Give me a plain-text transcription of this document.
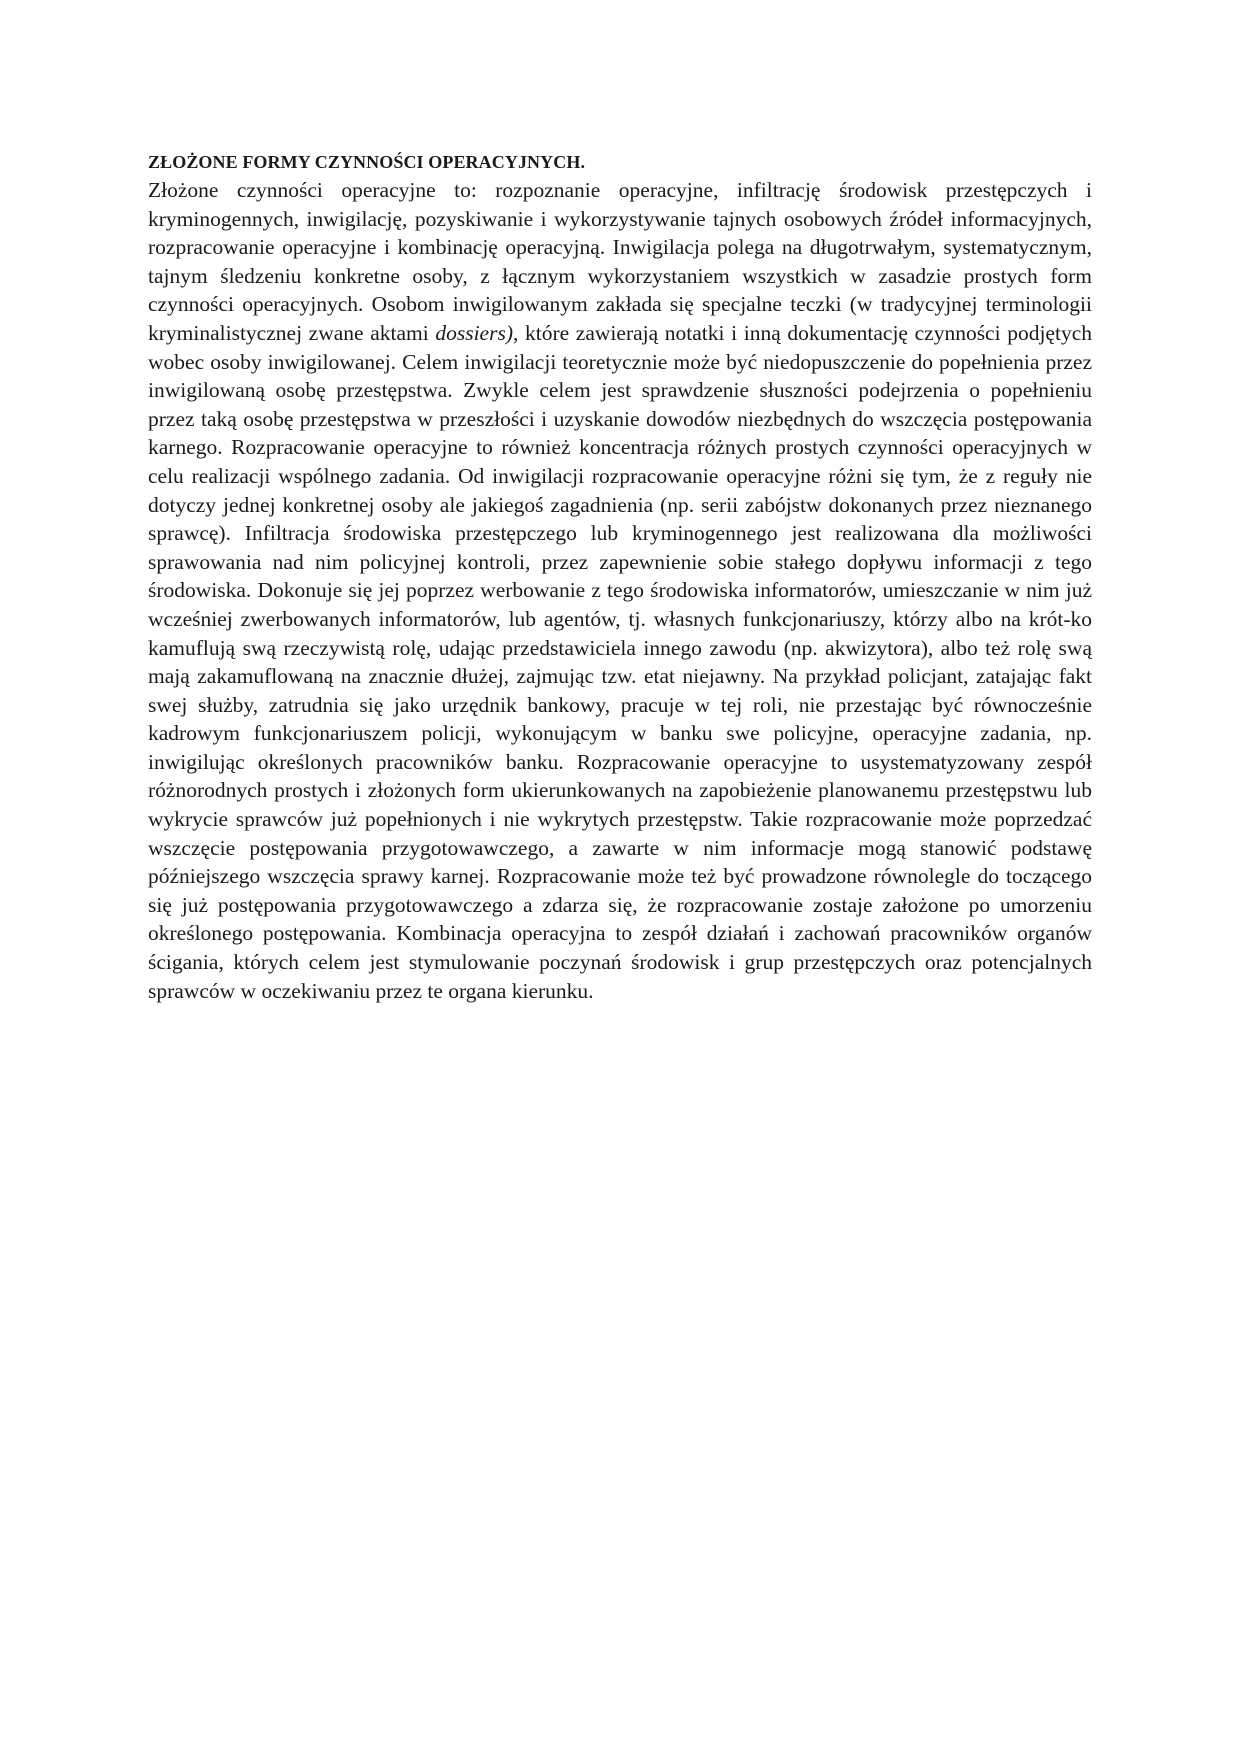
ZŁOŻONE FORMY CZYNNOŚCI OPERACYJNYCH.

Złożone czynności operacyjne to: rozpoznanie operacyjne, infiltrację środowisk przestępczych i kryminogennych, inwigilację, pozyskiwanie i wykorzystywanie tajnych osobowych źródeł informacyjnych, rozpracowanie operacyjne i kombinację operacyjną. Inwigilacja polega na długotrwałym, systematycznym, tajnym śledzeniu konkretne osoby, z łącznym wykorzystaniem wszystkich w zasadzie prostych form czynności operacyjnych. Osobom inwigilowanym zakłada się specjalne teczki (w tradycyjnej terminologii kryminalistycznej zwane aktami dossiers), które zawierają notatki i inną dokumentację czynności podjętych wobec osoby inwigilowanej. Celem inwigilacji teoretycznie może być niedopuszczenie do popełnienia przez inwigilowaną osobę przestępstwa. Zwykle celem jest sprawdzenie słuszności podejrzenia o popełnieniu przez taką osobę przestępstwa w przeszłości i uzyskanie dowodów niezbędnych do wszczęcia postępowania karnego. Rozpracowanie operacyjne to również koncentracja różnych prostych czynności operacyjnych w celu realizacji wspólnego zadania. Od inwigilacji rozpracowanie operacyjne różni się tym, że z reguły nie dotyczy jednej konkretnej osoby ale jakiegoś zagadnienia (np. serii zabójstw dokonanych przez nieznanego sprawcę). Infiltracja środowiska przestępczego lub kryminogennego jest realizowana dla możliwości sprawowania nad nim policyjnej kontroli, przez zapewnienie sobie stałego dopływu informacji z tego środowiska. Dokonuje się jej poprzez werbowanie z tego środowiska informatorów, umieszczanie w nim już wcześniej zwerbowanych informatorów, lub agentów, tj. własnych funkcjonariuszy, którzy albo na krót-ko kamuflują swą rzeczywistą rolę, udając przedstawiciela innego zawodu (np. akwizytora), albo też rolę swą mają zakamuflowaną na znacznie dłużej, zajmując tzw. etat niejawny. Na przykład policjant, zatajając fakt swej służby, zatrudnia się jako urzędnik bankowy, pracuje w tej roli, nie przestając być równocześnie kadrowym funkcjonariuszem policji, wykonującym w banku swe policyjne, operacyjne zadania, np. inwigilując określonych pracowników banku. Rozpracowanie operacyjne to usystematyzowany zespół różnorodnych prostych i złożonych form ukierunkowanych na zapobieżenie planowanemu przestępstwu lub wykrycie sprawców już popełnionych i nie wykrytych przestępstw. Takie rozpracowanie może poprzedzać wszczęcie postępowania przygotowawczego, a zawarte w nim informacje mogą stanowić podstawę późniejszego wszczęcia sprawy karnej. Rozpracowanie może też być prowadzone równolegle do toczącego się już postępowania przygotowawczego a zdarza się, że rozpracowanie zostaje założone po umorzeniu określonego postępowania. Kombinacja operacyjna to zespół działań i zachowań pracowników organów ścigania, których celem jest stymulowanie poczynań środowisk i grup przestępczych oraz potencjalnych sprawców w oczekiwaniu przez te organa kierunku.
